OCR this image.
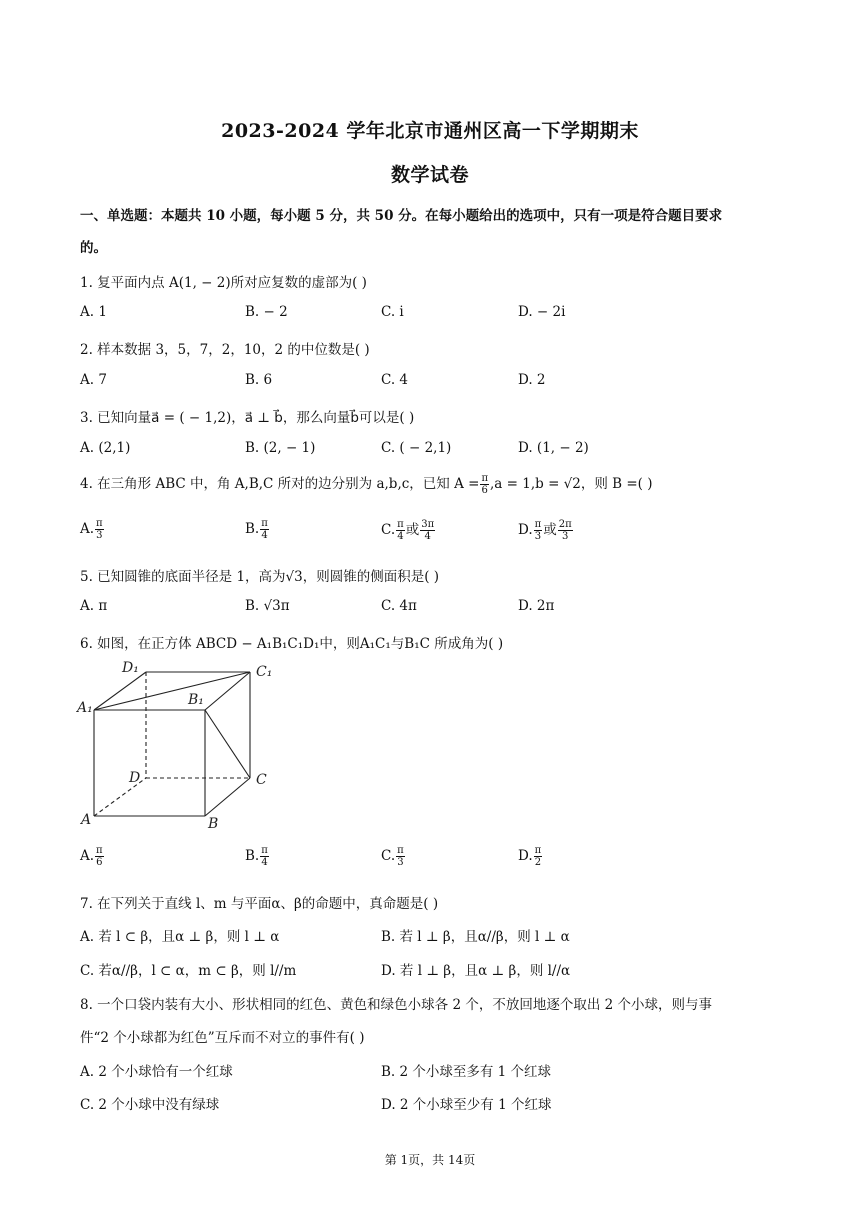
2023-2024 学年北京市通州区高一下学期期末
数学试卷
一、单选题：本题共 10 小题，每小题 5 分，共 50 分。在每小题给出的选项中，只有一项是符合题目要求
的。
1. 复平面内点 A(1, − 2)所对应复数的虚部为( )
A. 1	B. − 2	C. i	D. − 2i
2. 样本数据 3，5，7，2，10，2 的中位数是( )
A. 7	B. 6	C. 4	D. 2
3. 已知向量a⃗ = ( − 1,2)，a⃗ ⊥ b⃗，那么向量b⃗可以是( )
A. (2,1)	B. (2, − 1)	C. ( − 2,1)	D. (1, − 2)
4. 在三角形 ABC 中，角 A,B,C 所对的边分别为 a,b,c，已知 $A = \frac{\pi}{6} ,a = 1,b = √2$，则 B =( )
A. $\frac{\pi}{3}$	B. $\frac{\pi}{4}$	C. $\frac{\pi}{4}$ 或 $\frac{3\pi}{4}$	D. $\frac{\pi}{3}$ 或 $\frac{2\pi}{3}$
5. 已知圆锥的底面半径是 1，高为√3，则圆锥的侧面积是( )
A. π	B. √3π	C. 4π	D. 2π
6. 如图，在正方体 ABCD − A₁B₁C₁D₁中，则A₁C₁与B₁C 所成角为( )
D₁	C₁
A₁	B₁
D	C
A	B
A. $\frac{\pi}{6}$	B. $\frac{\pi}{4}$	C. $\frac{\pi}{3}$	D. $\frac{\pi}{2}$
7. 在下列关于直线 l、m 与平面α、β的命题中，真命题是( )
A. 若 l ⊂ β，且α ⊥ β，则 l ⊥ α	B. 若 l ⊥ β，且α//β，则 l ⊥ α
C. 若α//β，l ⊂ α，m ⊂ β，则 l//m	D. 若 l ⊥ β，且α ⊥ β，则 l//α
8. 一个口袋内装有大小、形状相同的红色、黄色和绿色小球各 2 个，不放回地逐个取出 2 个小球，则与事
件“2 个小球都为红色”互斥而不对立的事件有( )
A. 2 个小球恰有一个红球	B. 2 个小球至多有 1 个红球
C. 2 个小球中没有绿球	D. 2 个小球至少有 1 个红球
第 1页，共 14页
